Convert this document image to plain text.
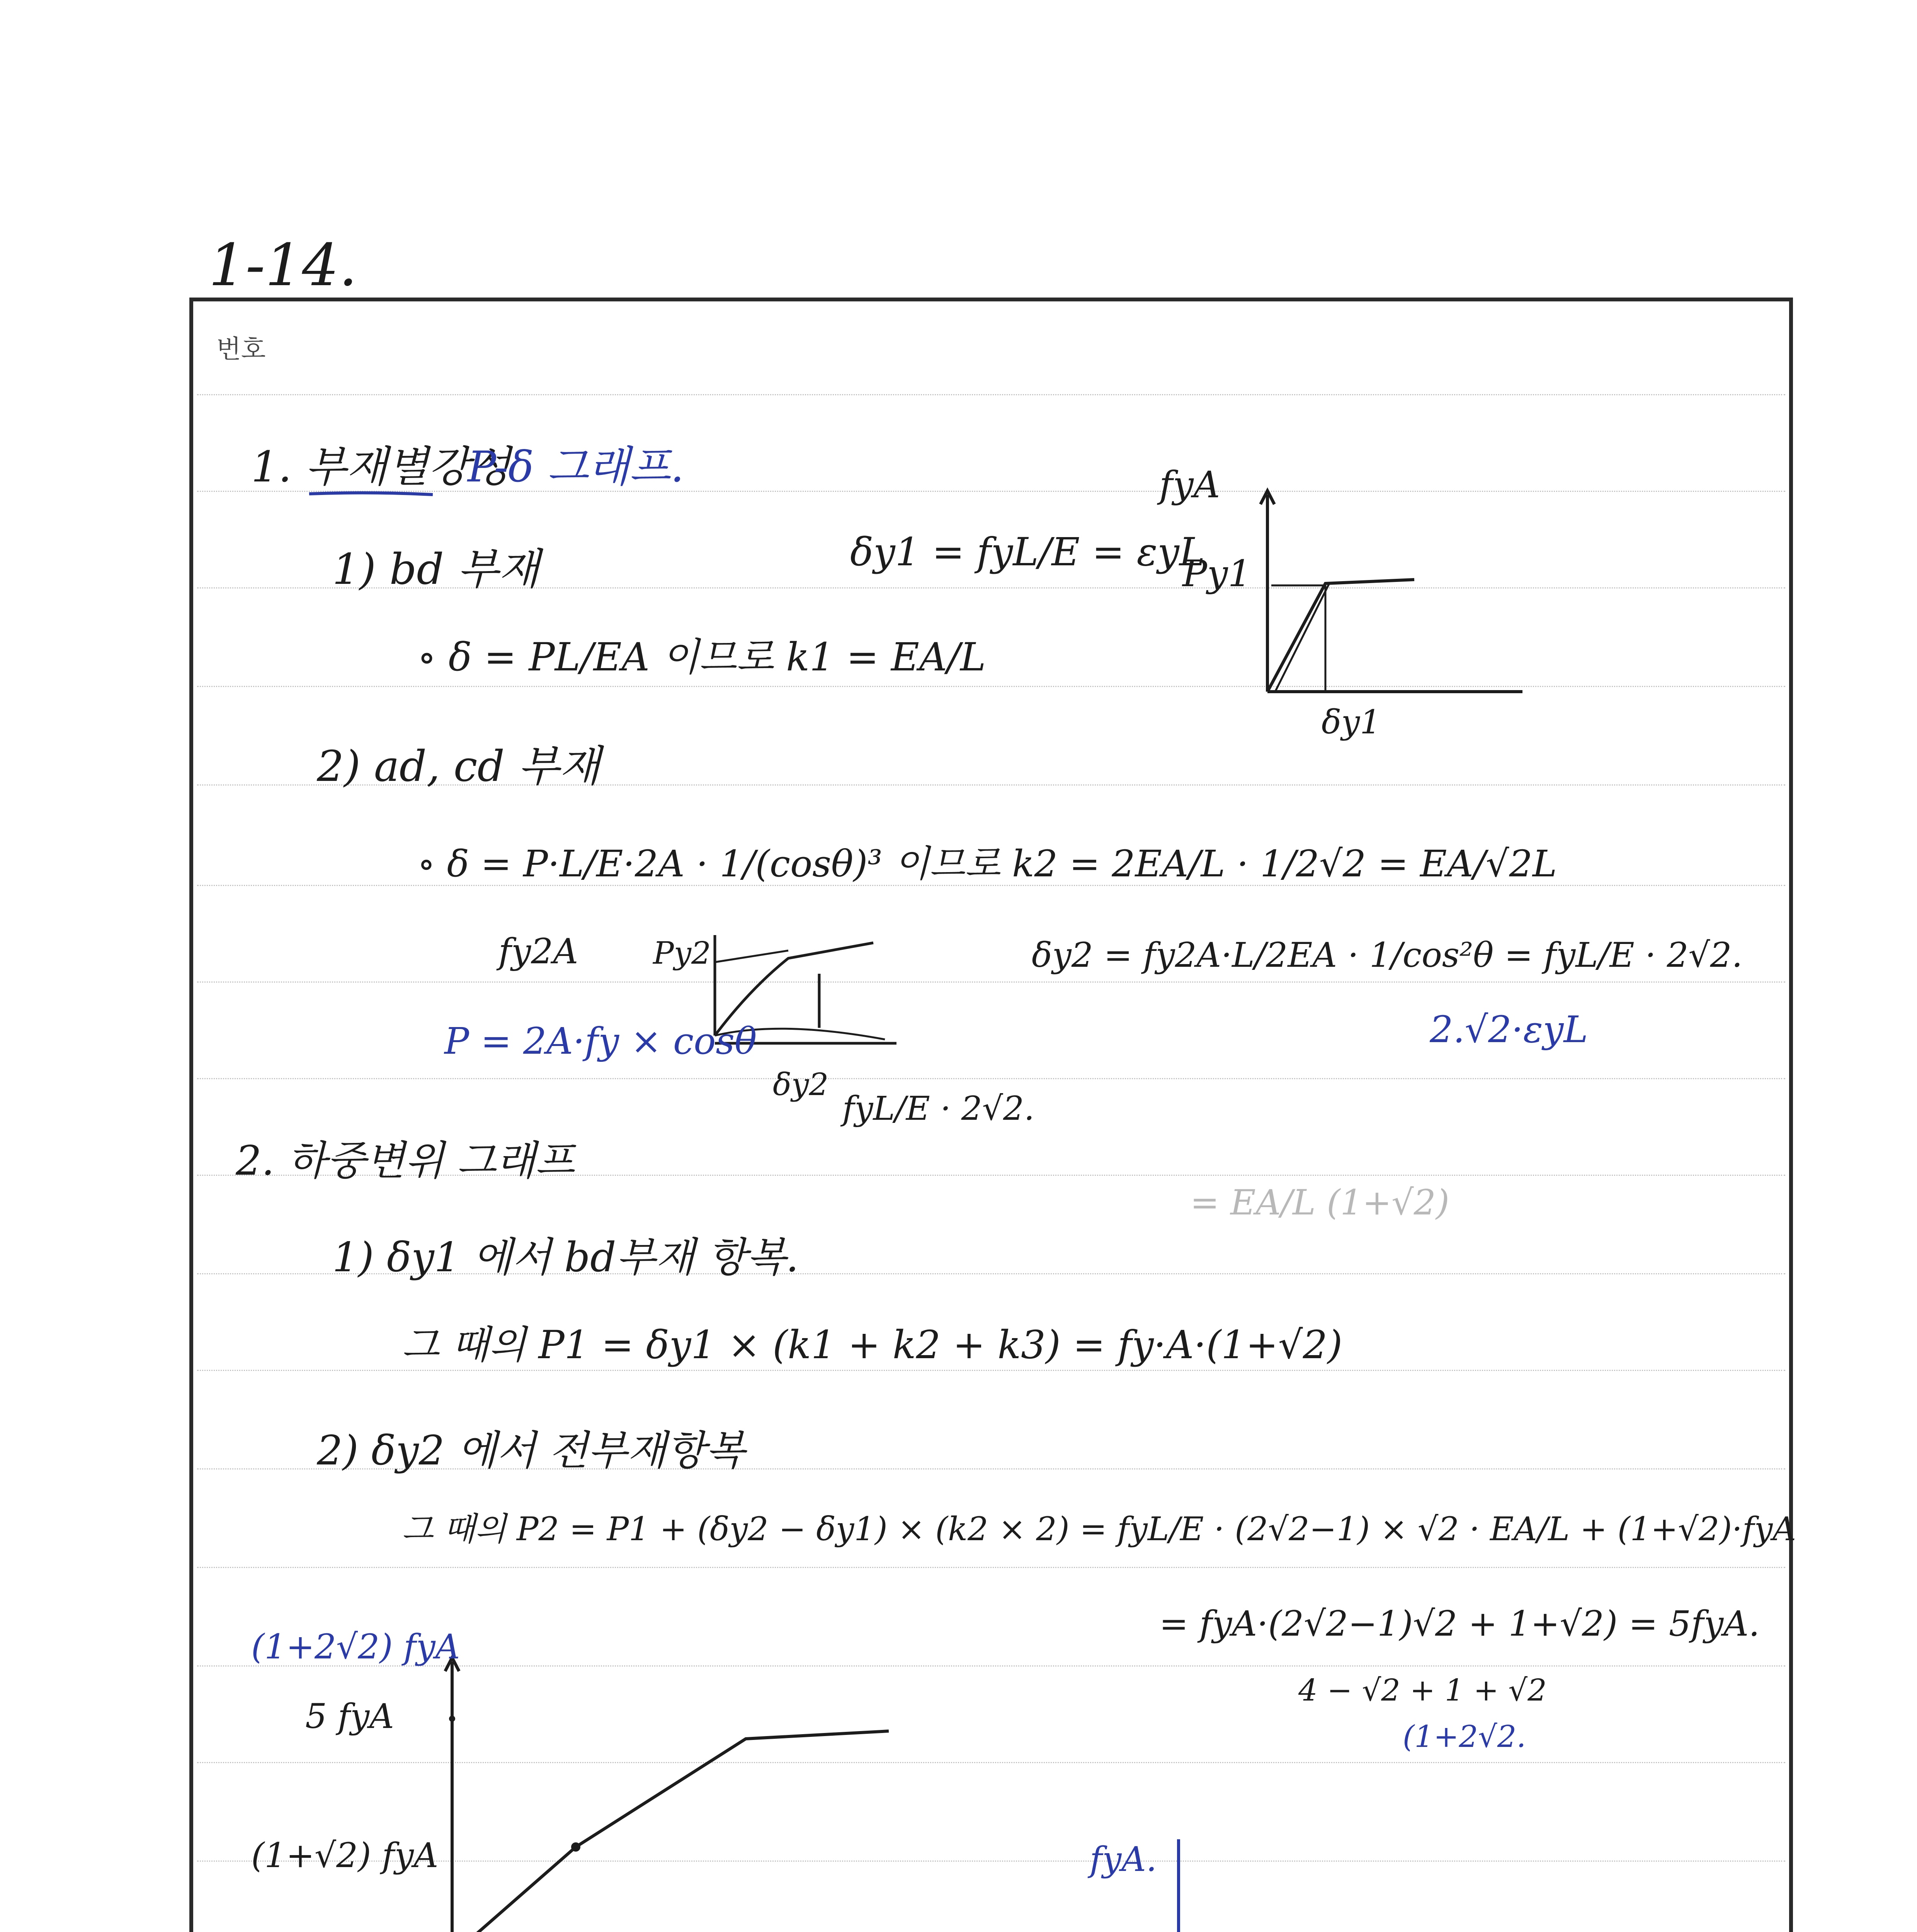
1-14.
번호
1. 부재별강성
P-δ 그래프.
1) bd 부재	δy1 = fyL/E = εyL
∘ δ = PL/EA 이므로 k1 = EA/L
fyA
Py1
δy1
2) ad, cd 부재
∘ δ = P·L/E·2A · 1/(cosθ)³ 이므로 k2 = 2EA/L · 1/2√2 = EA/√2L
fy2A Py2
δy2
fyL/E · 2√2.
δy2 = fy2A·L/2EA · 1/cos²θ = fyL/E · 2√2.
P = 2A·fy × cosθ	2.√2·εyL
2. 하중변위 그래프
= EA/L (1+√2)
1) δy1 에서 bd부재 항복.
그 때의 P1 = δy1 × (k1 + k2 + k3) = fy·A·(1+√2)
2) δy2 에서 전부재항복
그 때의 P2 = P1 + (δy2 − δy1) × (k2 × 2) = fyL/E · (2√2−1) × √2 · EA/L + (1+√2)·fyA
= fyA·(2√2−1)√2 + 1+√2) = 5fyA.
4 − √2 + 1 + √2
(1+2√2.
(1+2√2) fyA
5 fyA
(1+√2) fyA	fyA.
